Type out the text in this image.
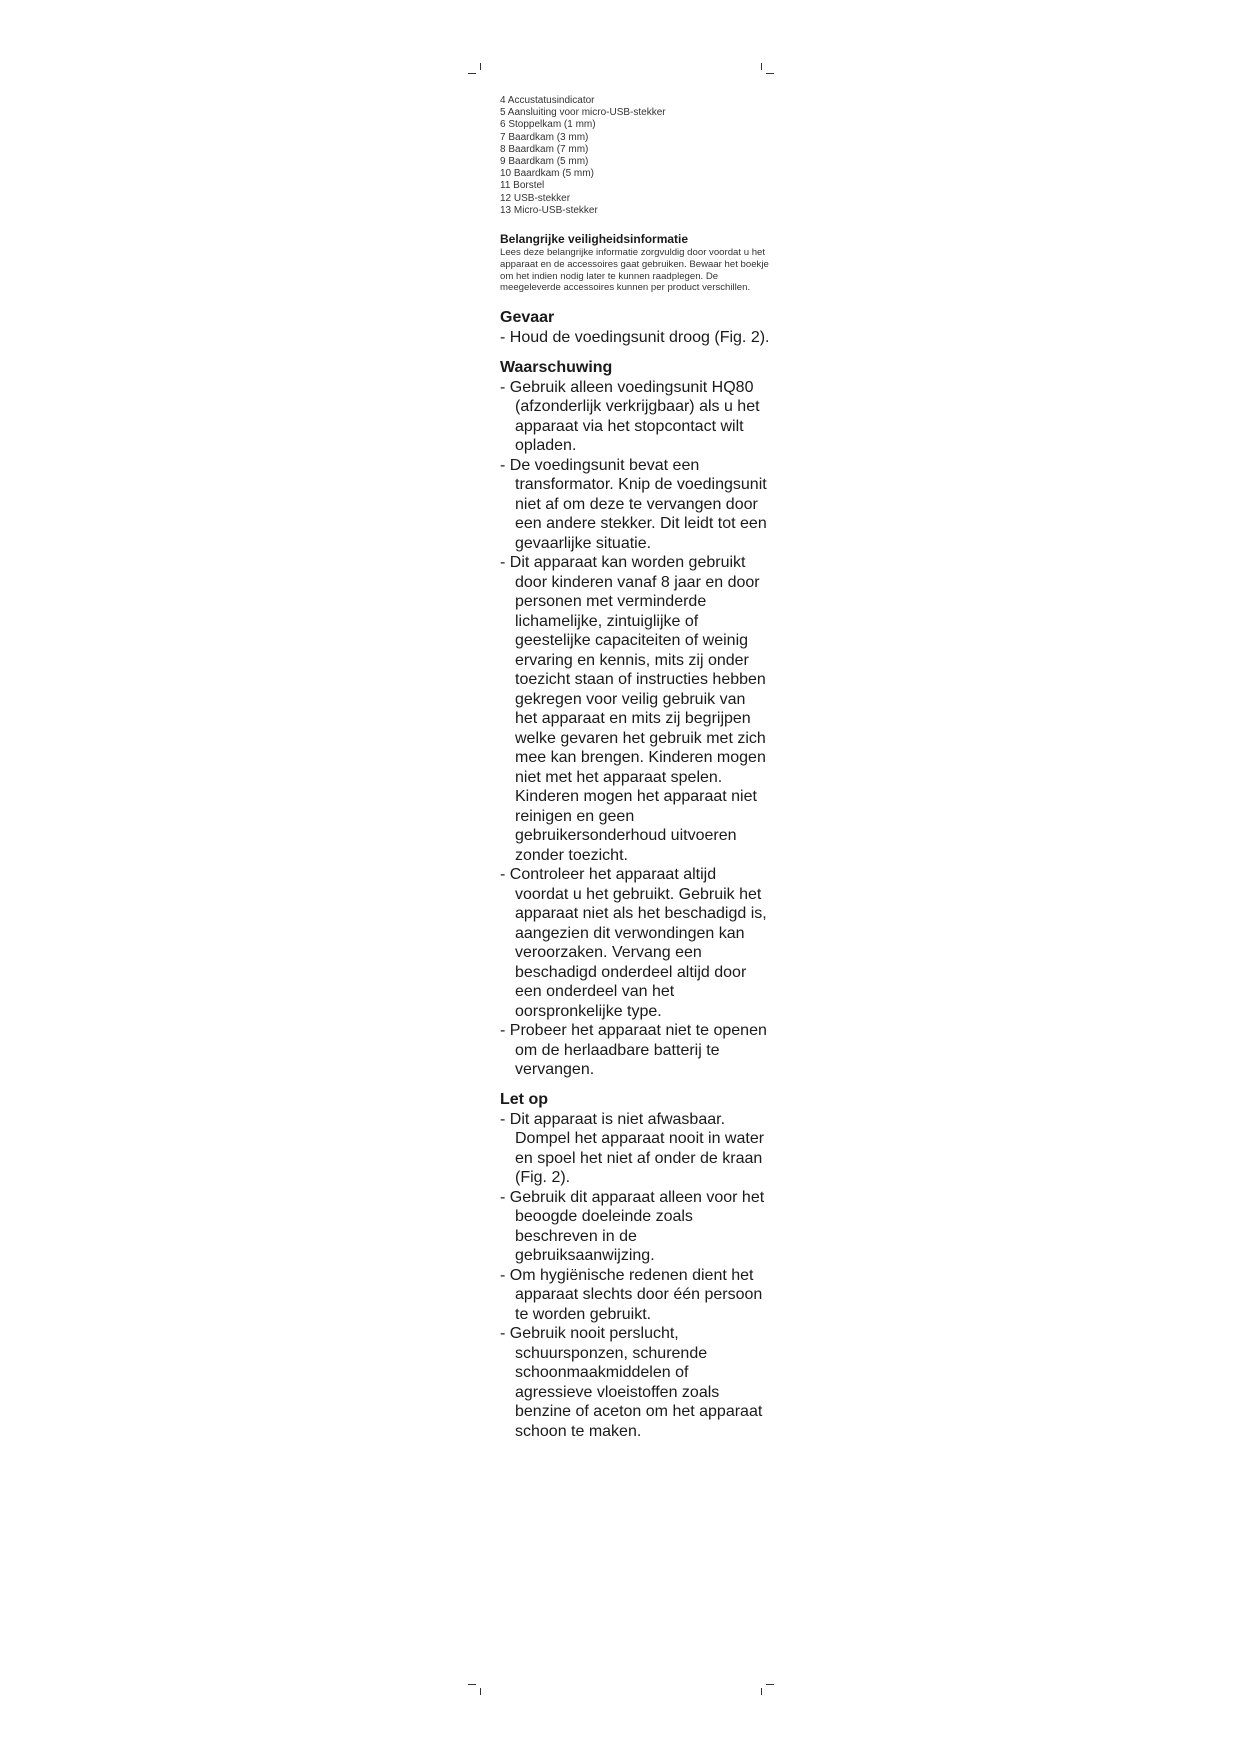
4 Accustatusindicator
5 Aansluiting voor micro-USB-stekker
6 Stoppelkam (1 mm)
7 Baardkam (3 mm)
8 Baardkam (7 mm)
9 Baardkam (5 mm)
10 Baardkam (5 mm)
11 Borstel
12 USB-stekker
13 Micro-USB-stekker
Belangrijke veiligheidsinformatie

Lees deze belangrijke informatie zorgvuldig door voordat u het apparaat en de accessoires gaat gebruiken. Bewaar het boekje om het indien nodig later te kunnen raadplegen. De meegeleverde accessoires kunnen per product verschillen.

Gevaar
- Houd de voedingsunit droog (Fig. 2).
Waarschuwing
- Gebruik alleen voedingsunit HQ80 (afzonderlijk verkrijgbaar) als u het apparaat via het stopcontact wilt opladen.
- De voedingsunit bevat een transformator. Knip de voedingsunit niet af om deze te vervangen door een andere stekker. Dit leidt tot een gevaarlijke situatie.
- Dit apparaat kan worden gebruikt door kinderen vanaf 8 jaar en door personen met verminderde lichamelijke, zintuiglijke of geestelijke capaciteiten of weinig ervaring en kennis, mits zij onder toezicht staan of instructies hebben gekregen voor veilig gebruik van het apparaat en mits zij begrijpen welke gevaren het gebruik met zich mee kan brengen. Kinderen mogen niet met het apparaat spelen. Kinderen mogen het apparaat niet reinigen en geen gebruikersonderhoud uitvoeren zonder toezicht.
- Controleer het apparaat altijd voordat u het gebruikt. Gebruik het apparaat niet als het beschadigd is, aangezien dit verwondingen kan veroorzaken. Vervang een beschadigd onderdeel altijd door een onderdeel van het oorspronkelijke type.
- Probeer het apparaat niet te openen om de herlaadbare batterij te vervangen.
Let op
- Dit apparaat is niet afwasbaar. Dompel het apparaat nooit in water en spoel het niet af onder de kraan (Fig. 2).
- Gebruik dit apparaat alleen voor het beoogde doeleinde zoals beschreven in de gebruiksaanwijzing.
- Om hygiënische redenen dient het apparaat slechts door één persoon te worden gebruikt.
- Gebruik nooit perslucht, schuursponzen, schurende schoonmaakmiddelen of agressieve vloeistoffen zoals benzine of aceton om het apparaat schoon te maken.
